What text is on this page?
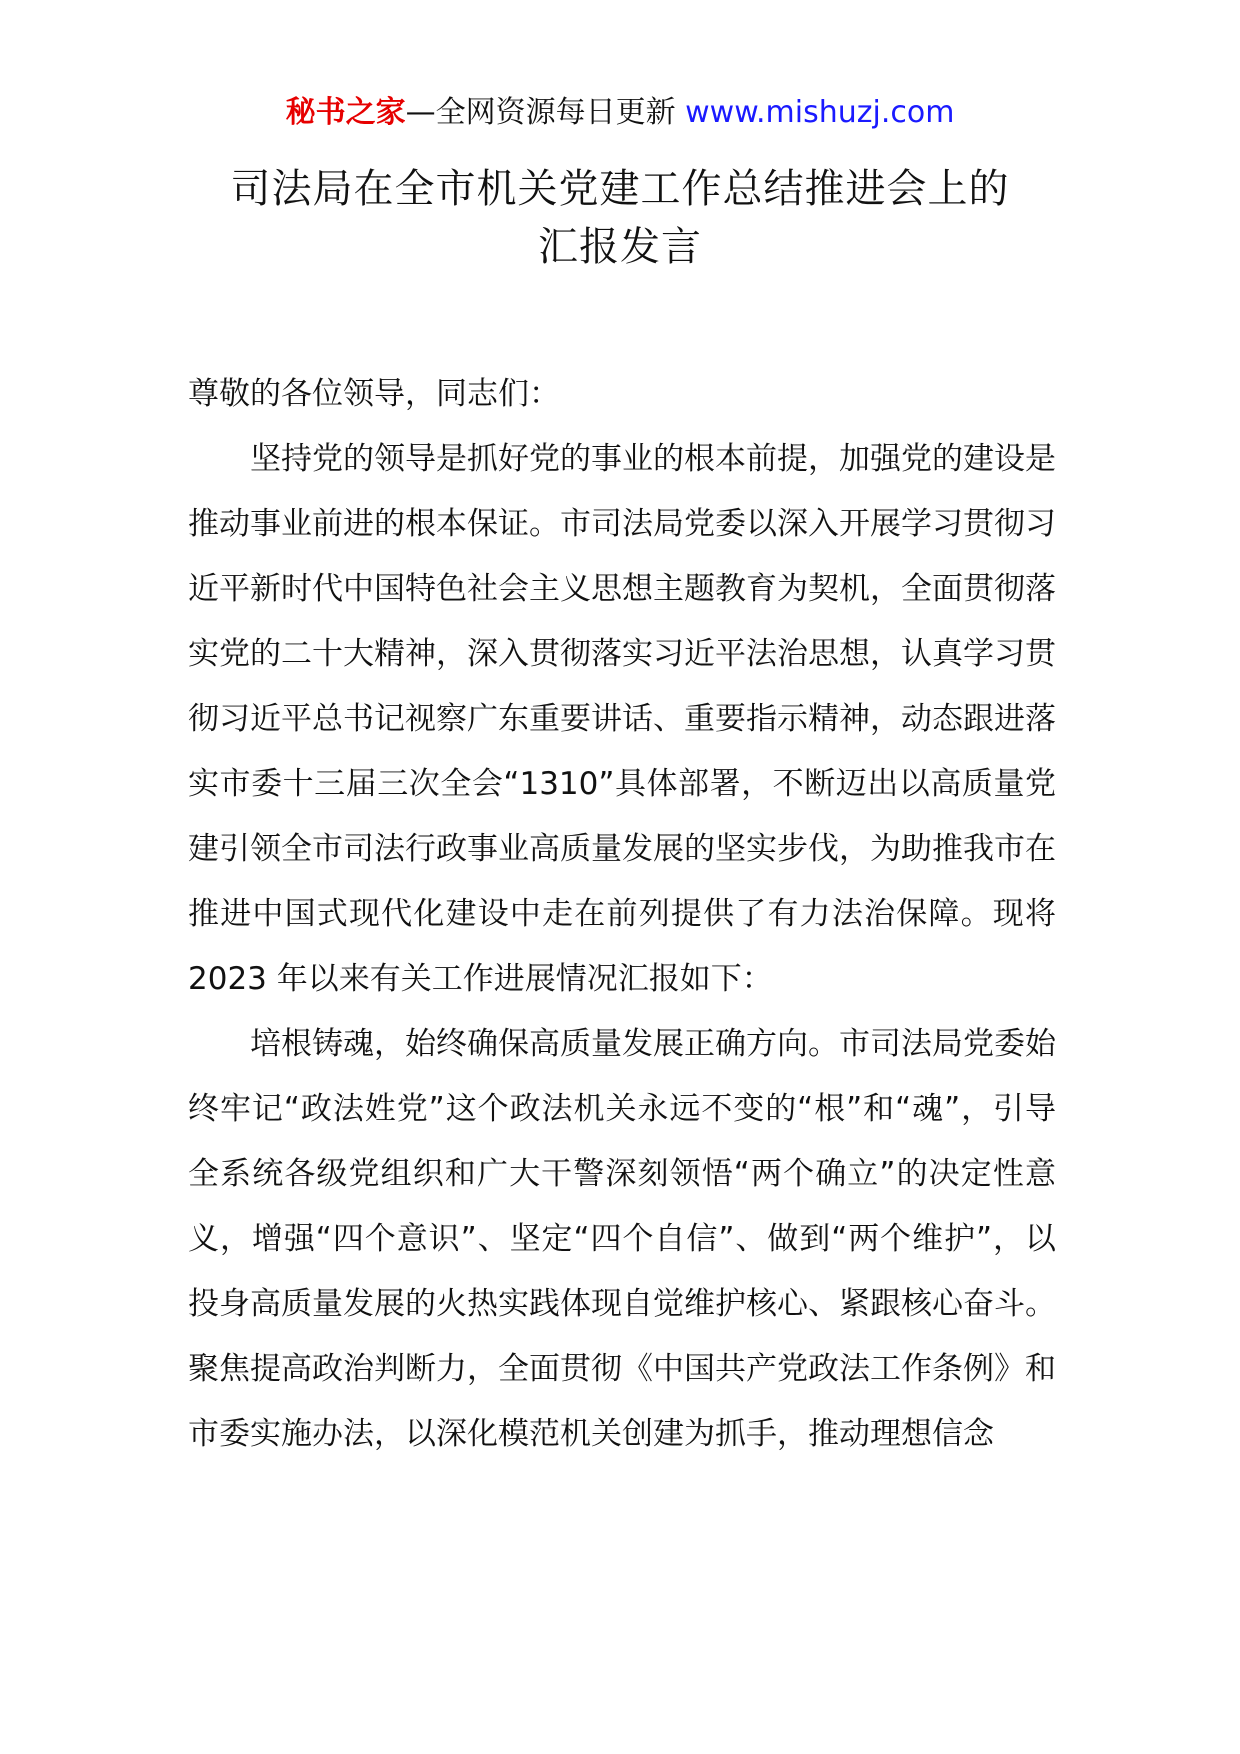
秘书之家—全网资源每日更新 www.mishuzj.com
司法局在全市机关党建工作总结推进会上的
汇报发言

尊敬的各位领导，同志们：

坚持党的领导是抓好党的事业的根本前提，加强党的建设是推动事业前进的根本保证。市司法局党委以深入开展学习贯彻习近平新时代中国特色社会主义思想主题教育为契机，全面贯彻落实党的二十大精神，深入贯彻落实习近平法治思想，认真学习贯彻习近平总书记视察广东重要讲话、重要指示精神，动态跟进落实市委十三届三次全会“1310”具体部署，不断迈出以高质量党建引领全市司法行政事业高质量发展的坚实步伐，为助推我市在推进中国式现代化建设中走在前列提供了有力法治保障。现将 2023 年以来有关工作进展情况汇报如下：

培根铸魂，始终确保高质量发展正确方向。市司法局党委始终牢记“政法姓党”这个政法机关永远不变的“根”和“魂”，引导全系统各级党组织和广大干警深刻领悟“两个确立”的决定性意义，增强“四个意识”、坚定“四个自信”、做到“两个维护”，以投身高质量发展的火热实践体现自觉维护核心、紧跟核心奋斗。聚焦提高政治判断力，全面贯彻《中国共产党政法工作条例》和市委实施办法，以深化模范机关创建为抓手，推动理想信念
